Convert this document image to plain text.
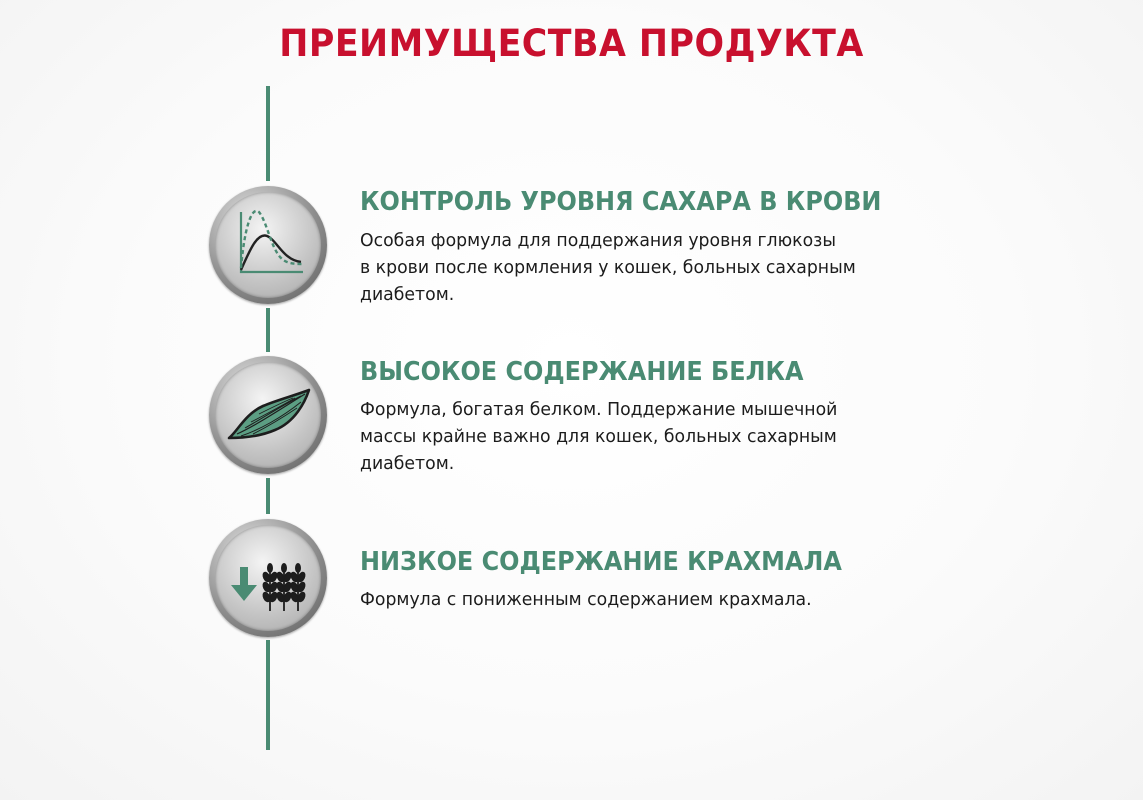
ПРЕИМУЩЕСТВА ПРОДУКТА
КОНТРОЛЬ УРОВНЯ САХАРА В КРОВИ
Особая формула для поддержания уровня глюкозы
в крови после кормления у кошек, больных сахарным
диабетом.
ВЫСОКОЕ СОДЕРЖАНИЕ БЕЛКА
Формула, богатая белком. Поддержание мышечной
массы крайне важно для кошек, больных сахарным
диабетом.
НИЗКОЕ СОДЕРЖАНИЕ КРАХМАЛА
Формула с пониженным содержанием крахмала.
